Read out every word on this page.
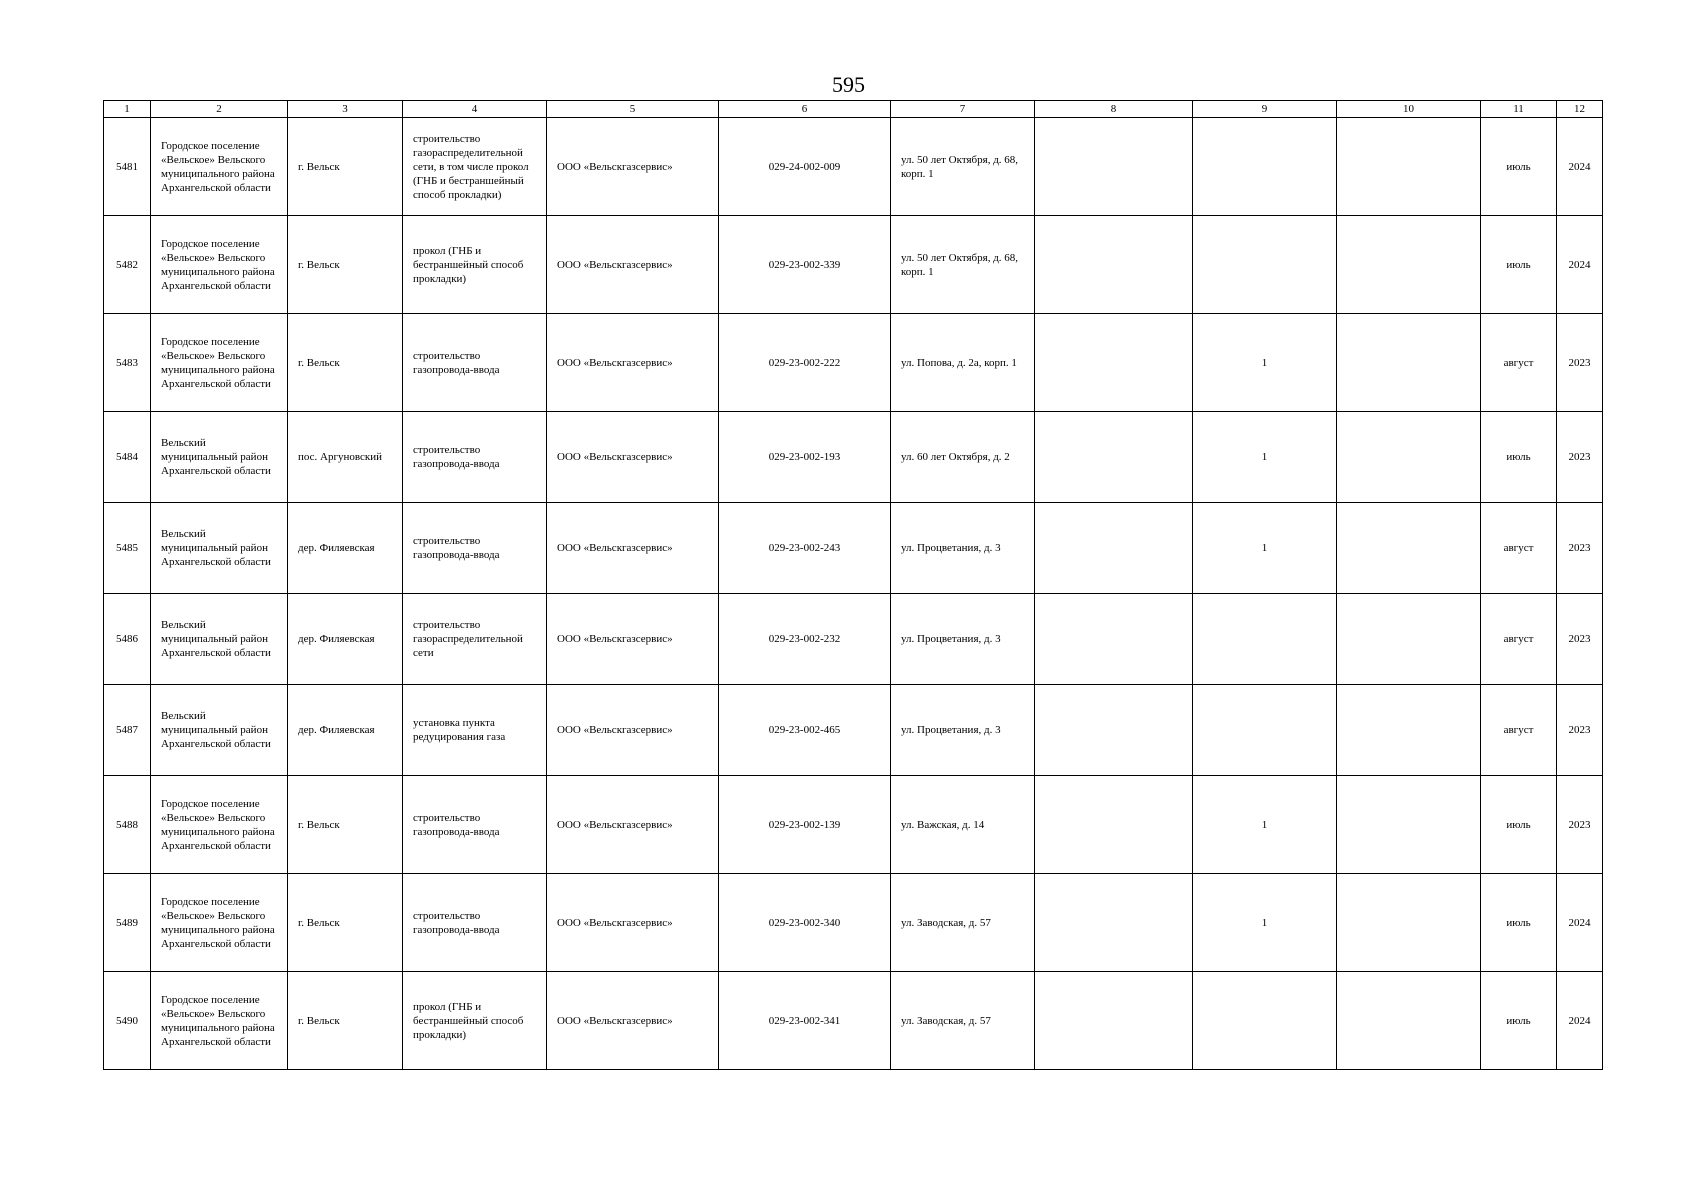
595
1	2	3	4	5	6	7	8	9	10	11	12
5481	Городское поселение «Вельское» Вельского муниципального района Архангельской области	г. Вельск	строительство газораспределительной сети, в том числе прокол (ГНБ и бестраншейный способ прокладки)	ООО «Вельскгазсервис»	029-24-002-009	ул. 50 лет Октября, д. 68, корп. 1				июль	2024
5482	Городское поселение «Вельское» Вельского муниципального района Архангельской области	г. Вельск	прокол (ГНБ и бестраншейный способ прокладки)	ООО «Вельскгазсервис»	029-23-002-339	ул. 50 лет Октября, д. 68, корп. 1				июль	2024
5483	Городское поселение «Вельское» Вельского муниципального района Архангельской области	г. Вельск	строительство газопровода-ввода	ООО «Вельскгазсервис»	029-23-002-222	ул. Попова, д. 2а, корп. 1		1		август	2023
5484	Вельский муниципальный район Архангельской области	пос. Аргуновский	строительство газопровода-ввода	ООО «Вельскгазсервис»	029-23-002-193	ул. 60 лет Октября, д. 2		1		июль	2023
5485	Вельский муниципальный район Архангельской области	дер. Филяевская	строительство газопровода-ввода	ООО «Вельскгазсервис»	029-23-002-243	ул. Процветания, д. 3		1		август	2023
5486	Вельский муниципальный район Архангельской области	дер. Филяевская	строительство газораспределительной сети	ООО «Вельскгазсервис»	029-23-002-232	ул. Процветания, д. 3				август	2023
5487	Вельский муниципальный район Архангельской области	дер. Филяевская	установка пункта редуцирования газа	ООО «Вельскгазсервис»	029-23-002-465	ул. Процветания, д. 3				август	2023
5488	Городское поселение «Вельское» Вельского муниципального района Архангельской области	г. Вельск	строительство газопровода-ввода	ООО «Вельскгазсервис»	029-23-002-139	ул. Важская, д. 14		1		июль	2023
5489	Городское поселение «Вельское» Вельского муниципального района Архангельской области	г. Вельск	строительство газопровода-ввода	ООО «Вельскгазсервис»	029-23-002-340	ул. Заводская, д. 57		1		июль	2024
5490	Городское поселение «Вельское» Вельского муниципального района Архангельской области	г. Вельск	прокол (ГНБ и бестраншейный способ прокладки)	ООО «Вельскгазсервис»	029-23-002-341	ул. Заводская, д. 57				июль	2024
